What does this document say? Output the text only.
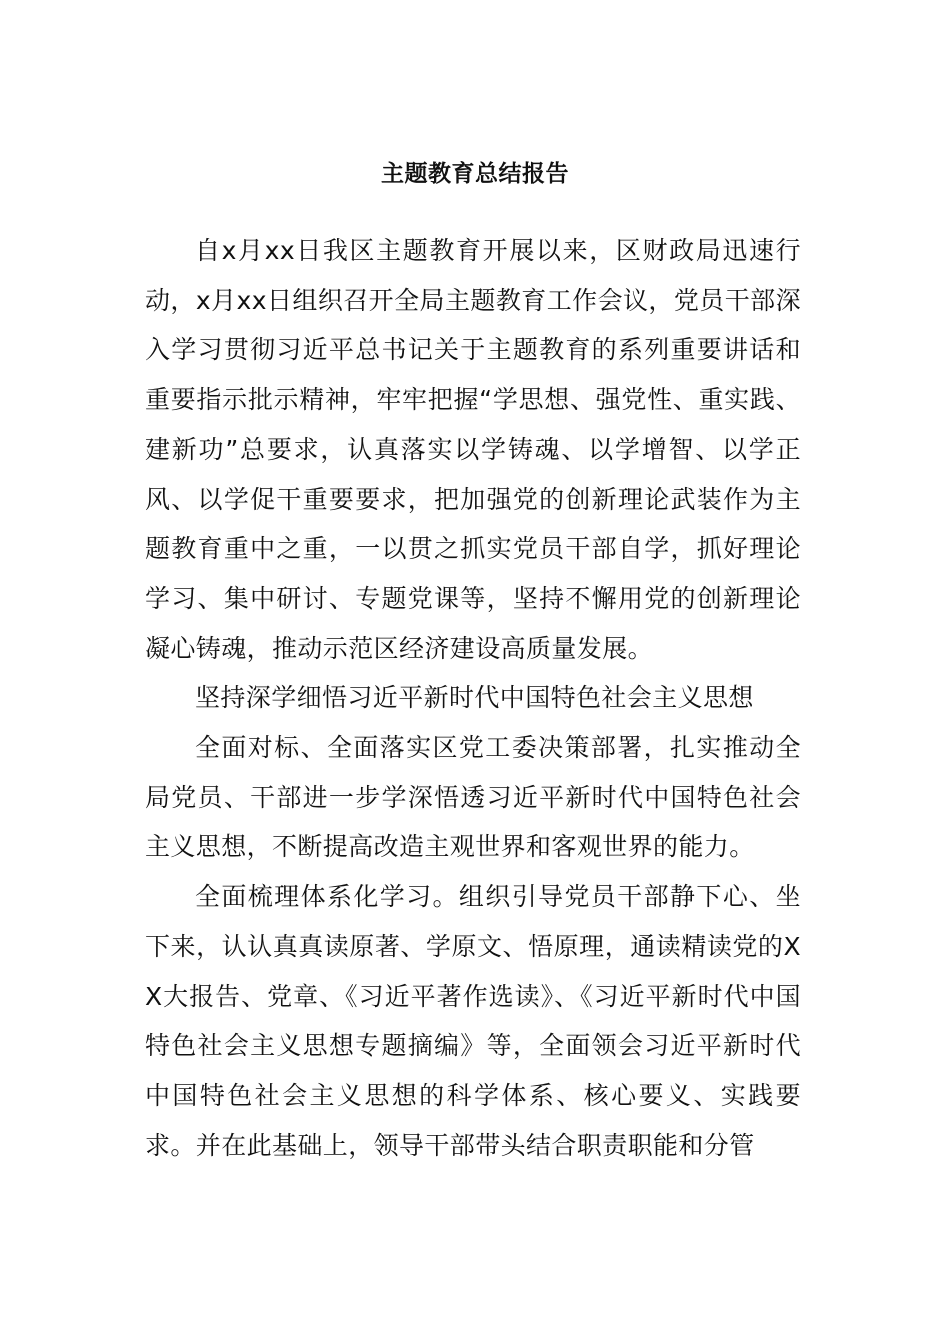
主题教育总结报告

自x月xx日我区主题教育开展以来，区财政局迅速行动，x月xx日组织召开全局主题教育工作会议，党员干部深入学习贯彻习近平总书记关于主题教育的系列重要讲话和重要指示批示精神，牢牢把握“学思想、强党性、重实践、建新功”总要求，认真落实以学铸魂、以学增智、以学正风、以学促干重要要求，把加强党的创新理论武装作为主题教育重中之重，一以贯之抓实党员干部自学，抓好理论学习、集中研讨、专题党课等，坚持不懈用党的创新理论凝心铸魂，推动示范区经济建设高质量发展。

坚持深学细悟习近平新时代中国特色社会主义思想

全面对标、全面落实区党工委决策部署，扎实推动全局党员、干部进一步学深悟透习近平新时代中国特色社会主义思想，不断提高改造主观世界和客观世界的能力。

全面梳理体系化学习。组织引导党员干部静下心、坐下来，认认真真读原著、学原文、悟原理，通读精读党的XX大报告、党章、《习近平著作选读》、《习近平新时代中国特色社会主义思想专题摘编》等，全面领会习近平新时代中国特色社会主义思想的科学体系、核心要义、实践要求。并在此基础上，领导干部带头结合职责职能和分管
